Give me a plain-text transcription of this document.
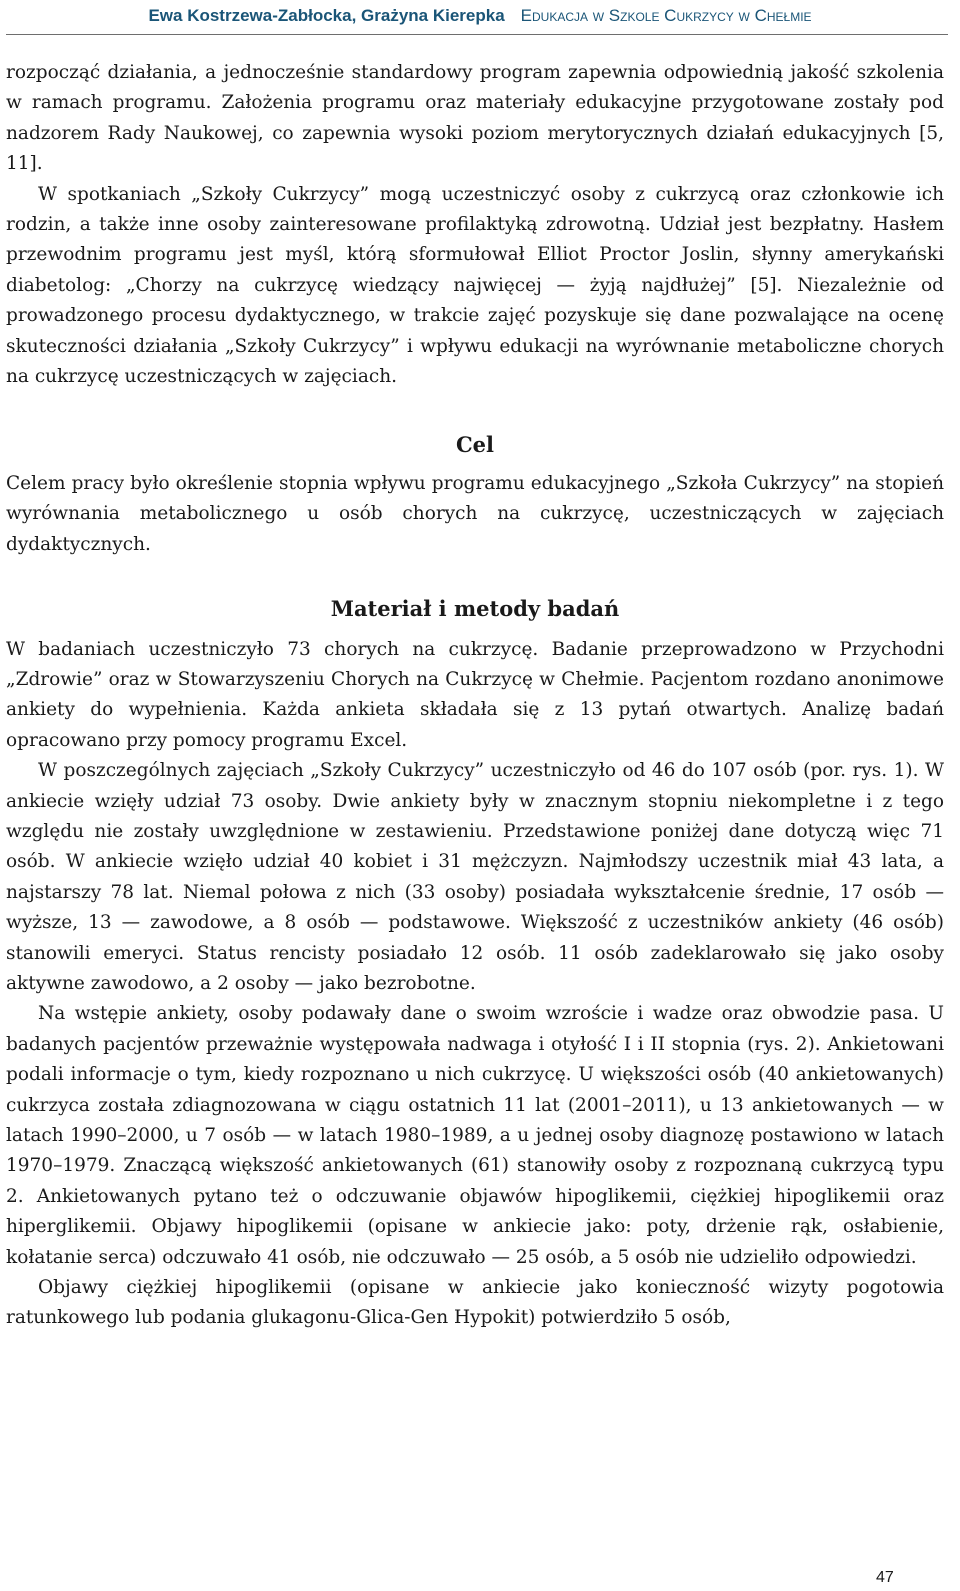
Ewa Kostrzewa-Zabłocka, Grażyna Kierepka Edukacja w Szkole Cukrzycy w Chełmie

rozpocząć działania, a jednocześnie standardowy program zapewnia odpowiednią jakość szkolenia w ramach programu. Założenia programu oraz materiały edukacyjne przygotowane zostały pod nadzorem Rady Naukowej, co zapewnia wysoki poziom merytorycznych działań edukacyjnych [5, 11].

W spotkaniach „Szkoły Cukrzycy” mogą uczestniczyć osoby z cukrzycą oraz członkowie ich rodzin, a także inne osoby zainteresowane profilaktyką zdrowotną. Udział jest bezpłatny. Hasłem przewodnim programu jest myśl, którą sformułował Elliot Proctor Joslin, słynny amerykański diabetolog: „Chorzy na cukrzycę wiedzący najwięcej — żyją najdłużej” [5]. Niezależnie od prowadzonego procesu dydaktycznego, w trakcie zajęć pozyskuje się dane pozwalające na ocenę skuteczności działania „Szkoły Cukrzycy” i wpływu edukacji na wyrównanie metaboliczne chorych na cukrzycę uczestniczących w zajęciach.

Cel

Celem pracy było określenie stopnia wpływu programu edukacyjnego „Szkoła Cukrzycy” na stopień wyrównania metabolicznego u osób chorych na cukrzycę, uczestniczących w zajęciach dydaktycznych.

Materiał i metody badań

W badaniach uczestniczyło 73 chorych na cukrzycę. Badanie przeprowadzono w Przychodni „Zdrowie” oraz w Stowarzyszeniu Chorych na Cukrzycę w Chełmie. Pacjentom rozdano anonimowe ankiety do wypełnienia. Każda ankieta składała się z 13 pytań otwartych. Analizę badań opracowano przy pomocy programu Excel.

W poszczególnych zajęciach „Szkoły Cukrzycy” uczestniczyło od 46 do 107 osób (por. rys. 1). W ankiecie wzięły udział 73 osoby. Dwie ankiety były w znacznym stopniu niekompletne i z tego względu nie zostały uwzględnione w zestawieniu. Przedstawione poniżej dane dotyczą więc 71 osób. W ankiecie wzięło udział 40 kobiet i 31 mężczyzn. Najmłodszy uczestnik miał 43 lata, a najstarszy 78 lat. Niemal połowa z nich (33 osoby) posiadała wykształcenie średnie, 17 osób — wyższe, 13 — zawodowe, a 8 osób — podstawowe. Większość z uczestników ankiety (46 osób) stanowili emeryci. Status rencisty posiadało 12 osób. 11 osób zadeklarowało się jako osoby aktywne zawodowo, a 2 osoby — jako bezrobotne.

Na wstępie ankiety, osoby podawały dane o swoim wzroście i wadze oraz obwodzie pasa. U badanych pacjentów przeważnie występowała nadwaga i otyłość I i II stopnia (rys. 2). Ankietowani podali informacje o tym, kiedy rozpoznano u nich cukrzycę. U większości osób (40 ankietowanych) cukrzyca została zdiagnozowana w ciągu ostatnich 11 lat (2001–2011), u 13 ankietowanych — w latach 1990–2000, u 7 osób — w latach 1980–1989, a u jednej osoby diagnozę postawiono w latach 1970–1979. Znaczącą większość ankietowanych (61) stanowiły osoby z rozpoznaną cukrzycą typu 2. Ankietowanych pytano też o odczuwanie objawów hipoglikemii, ciężkiej hipoglikemii oraz hiperglikemii. Objawy hipoglikemii (opisane w ankiecie jako: poty, drżenie rąk, osłabienie, kołatanie serca) odczuwało 41 osób, nie odczuwało — 25 osób, a 5 osób nie udzieliło odpowiedzi.

Objawy ciężkiej hipoglikemii (opisane w ankiecie jako konieczność wizyty pogotowia ratunkowego lub podania glukagonu-Glica-Gen Hypokit) potwierdziło 5 osób,

47
